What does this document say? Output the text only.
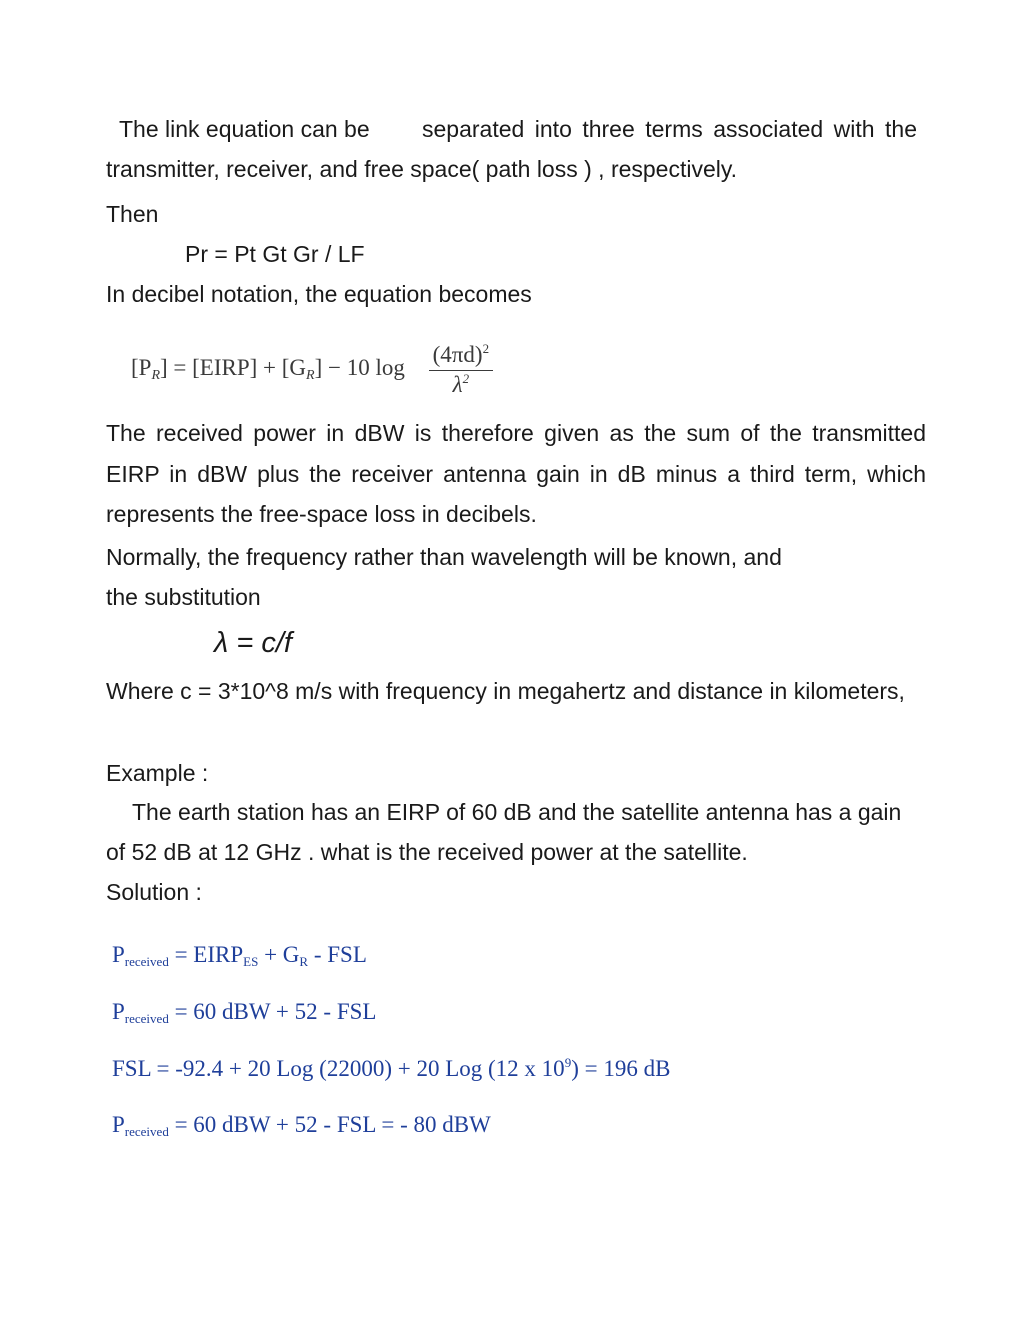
The link equation can be separated into three terms associated with the
transmitter, receiver, and free space( path loss ) , respectively.
Then
Pr = Pt Gt Gr / LF
In decibel notation, the equation becomes
[PR] = [EIRP] + [GR] − 10 $\log \frac{(4\pi d)^2}{\lambda^2}$
The received power in dBW is therefore given as the sum of the transmitted EIRP in dBW plus the receiver antenna gain in dB minus a third term, which represents the free-space loss in decibels.
Normally, the frequency rather than wavelength will be known, and
the substitution
λ = c/f
Where c = 3*10^8 m/s with frequency in megahertz and distance in kilometers,
Example :
The earth station has an EIRP of 60 dB and the satellite antenna has a gain
of 52 dB at 12 GHz . what is the received power at the satellite.
Solution :
$P_{received}$ = $EIRP_{ES} + G_R$ - FSL
$P_{received} = 60$ dBW + 52 - FSL
FSL = -92.4 + 20 Log (22000) + 20 Log (12 x $10^9) = 196$ dB
$P_{received} = 60$ dBW + 52 - FSL = - 80 dBW
